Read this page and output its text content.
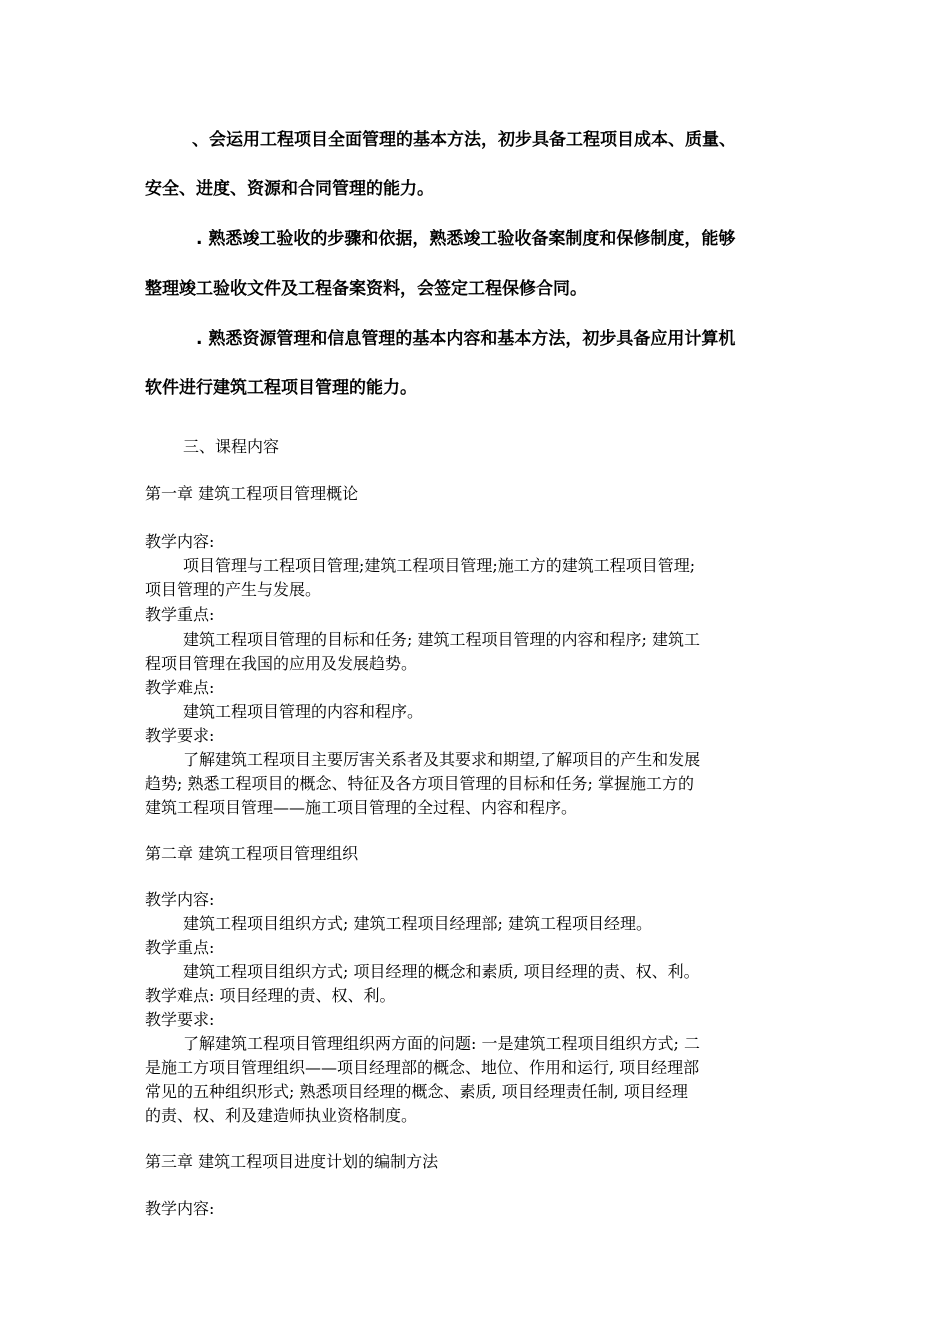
、会运用工程项目全面管理的基本方法，初步具备工程项目成本、质量、
安全、进度、资源和合同管理的能力。
. 熟悉竣工验收的步骤和依据，熟悉竣工验收备案制度和保修制度，能够
整理竣工验收文件及工程备案资料，会签定工程保修合同。
. 熟悉资源管理和信息管理的基本内容和基本方法，初步具备应用计算机
软件进行建筑工程项目管理的能力。
三、课程内容
第一章 建筑工程项目管理概论
教学内容:
项目管理与工程项目管理;建筑工程项目管理;施工方的建筑工程项目管理;
项目管理的产生与发展。
教学重点:
建筑工程项目管理的目标和任务; 建筑工程项目管理的内容和程序; 建筑工
程项目管理在我国的应用及发展趋势。
教学难点:
建筑工程项目管理的内容和程序。
教学要求:
了解建筑工程项目主要厉害关系者及其要求和期望,了解项目的产生和发展
趋势; 熟悉工程项目的概念、特征及各方项目管理的目标和任务; 掌握施工方的
建筑工程项目管理——施工项目管理的全过程、内容和程序。
第二章 建筑工程项目管理组织
教学内容:
建筑工程项目组织方式; 建筑工程项目经理部; 建筑工程项目经理。
教学重点:
建筑工程项目组织方式; 项目经理的概念和素质, 项目经理的责、权、利。
教学难点: 项目经理的责、权、利。
教学要求:
了解建筑工程项目管理组织两方面的问题: 一是建筑工程项目组织方式; 二
是施工方项目管理组织——项目经理部的概念、地位、作用和运行, 项目经理部
常见的五种组织形式; 熟悉项目经理的概念、素质, 项目经理责任制, 项目经理
的责、权、利及建造师执业资格制度。
第三章 建筑工程项目进度计划的编制方法
教学内容:
